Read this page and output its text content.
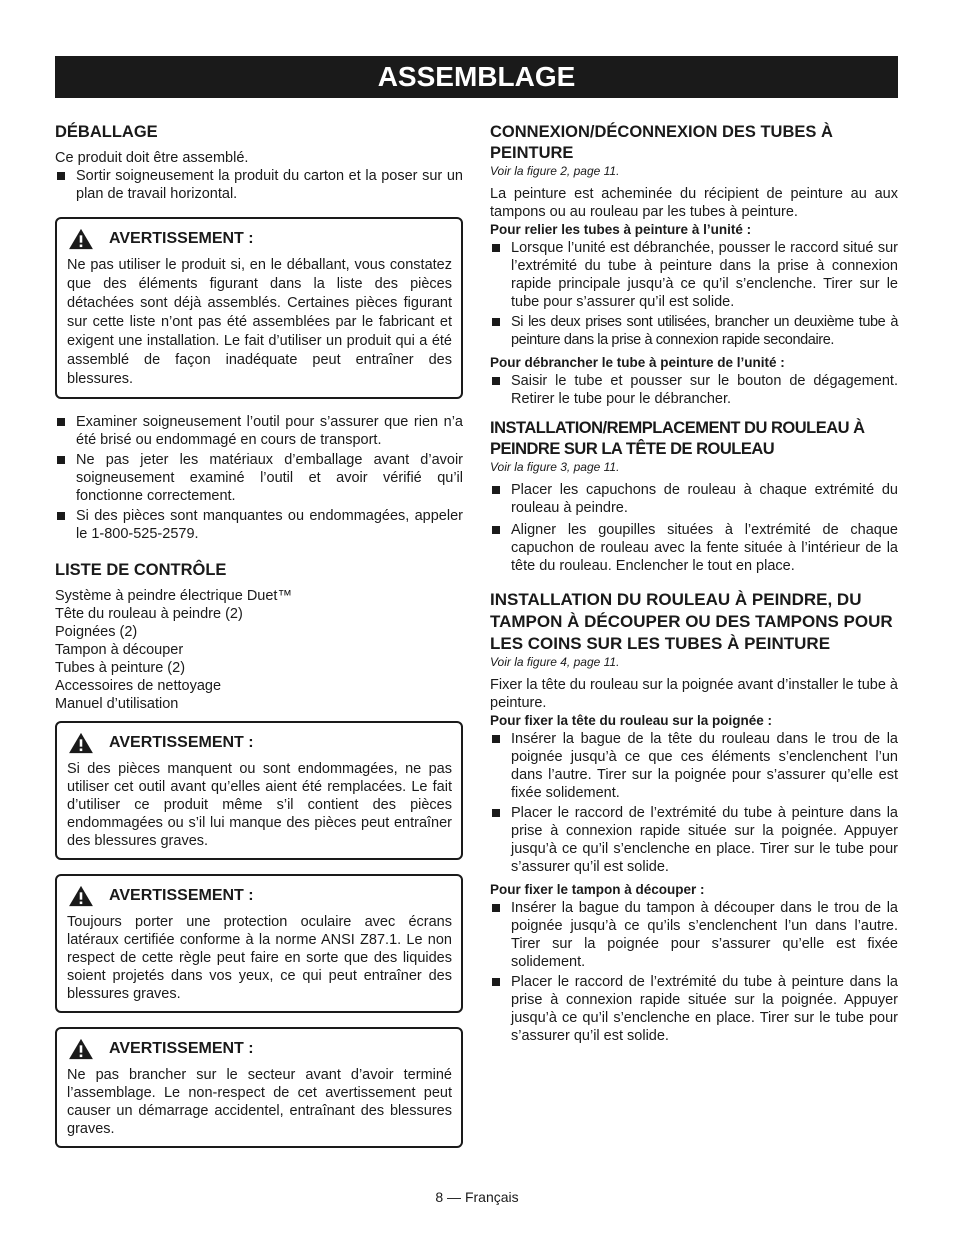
ASSEMBLAGE
DÉBALLAGE

Ce produit doit être assemblé.

Sortir soigneusement la produit du carton et la poser sur un plan de travail horizontal.
AVERTISSEMENT :

Ne pas utiliser le produit si, en le déballant, vous constatez que des éléments figurant dans la liste des pièces détachées sont déjà assemblés. Certaines pièces figurant sur cette liste n’ont pas été assemblées par le fabricant et exigent une installation. Le fait d’utiliser un produit qui a été assemblé de façon inadéquate peut entraîner des blessures.

Examiner soigneusement l’outil pour s’assurer que rien n’a été brisé ou endommagé en cours de transport.
Ne pas jeter les matériaux d’emballage avant d’avoir soigneusement examiné l’outil et avoir vérifié qu’il fonctionne correctement.
Si des pièces sont manquantes ou endommagées, appeler le 1-800-525-2579.
LISTE DE CONTRÔLE
Système à peindre électrique Duet™
Tête du rouleau à peindre (2)
Poignées (2)
Tampon à découper
Tubes à peinture (2)
Accessoires de nettoyage
Manuel d’utilisation
AVERTISSEMENT :

Si des pièces manquent ou sont endommagées, ne pas utiliser cet outil avant qu’elles aient été remplacées. Le fait d’utiliser ce produit même s’il contient des pièces endommagées ou s’il lui manque des pièces peut entraîner des blessures graves.

AVERTISSEMENT :

Toujours porter une protection oculaire avec écrans latéraux certifiée conforme à la norme ANSI Z87.1. Le non respect de cette règle peut faire en sorte que des liquides soient projetés dans vos yeux, ce qui peut entraîner des blessures graves.

AVERTISSEMENT :

Ne pas brancher sur le secteur avant d’avoir terminé l’assemblage. Le non-respect de cet avertissement peut causer un démarrage accidentel, entraînant des blessures graves.

CONNEXION/DÉCONNEXION DES TUBES À PEINTURE
Voir la figure 2, page 11.

La peinture est acheminée du récipient de peinture au aux tampons ou au rouleau par les tubes à peinture.

Pour relier les tubes à peinture à l’unité :
Lorsque l’unité est débranchée, pousser le raccord situé sur l’extrémité du tube à peinture dans la prise à connexion rapide principale jusqu’à ce qu’il s’enclenche. Tirer sur le tube pour s’assurer qu’il est solide.
Si les deux prises sont utilisées, brancher un deuxième tube à peinture dans la prise à connexion rapide secondaire.
Pour débrancher le tube à peinture de l’unité :
Saisir le tube et pousser sur le bouton de dégagement. Retirer le tube pour le débrancher.
INSTALLATION/REMPLACEMENT DU ROULEAU À PEINDRE SUR LA TÊTE DE ROULEAU
Voir la figure 3, page 11.
Placer les capuchons de rouleau à chaque extrémité du rouleau à peindre.
Aligner les goupilles situées à l’extrémité de chaque capuchon de rouleau avec la fente située à l’intérieur de la tête du rouleau. Enclencher le tout en place.
INSTALLATION DU ROULEAU À PEINDRE, DU TAMPON À DÉCOUPER OU DES TAMPONS POUR LES COINS SUR LES TUBES À PEINTURE
Voir la figure 4, page 11.

Fixer la tête du rouleau sur la poignée avant d’installer le tube à peinture.

Pour fixer la tête du rouleau sur la poignée :
Insérer la bague de la tête du rouleau dans le trou de la poignée jusqu’à ce que ces éléments s’enclenchent l’un dans l’autre. Tirer sur la poignée pour s’assurer qu’elle est fixée solidement.
Placer le raccord de l’extrémité du tube à peinture dans la prise à connexion rapide située sur la poignée. Appuyer jusqu’à ce qu’il s’enclenche en place. Tirer sur le tube pour s’assurer qu’il est solide.
Pour fixer le tampon à découper :
Insérer la bague du tampon à découper dans le trou de la poignée jusqu’à ce qu’ils s’enclenchent l’un dans l’autre. Tirer sur la poignée pour s’assurer qu’elle est fixée solidement.
Placer le raccord de l’extrémité du tube à peinture dans la prise à connexion rapide située sur la poignée. Appuyer jusqu’à ce qu’il s’enclenche en place. Tirer sur le tube pour s’assurer qu’il est solide.
8 — Français
